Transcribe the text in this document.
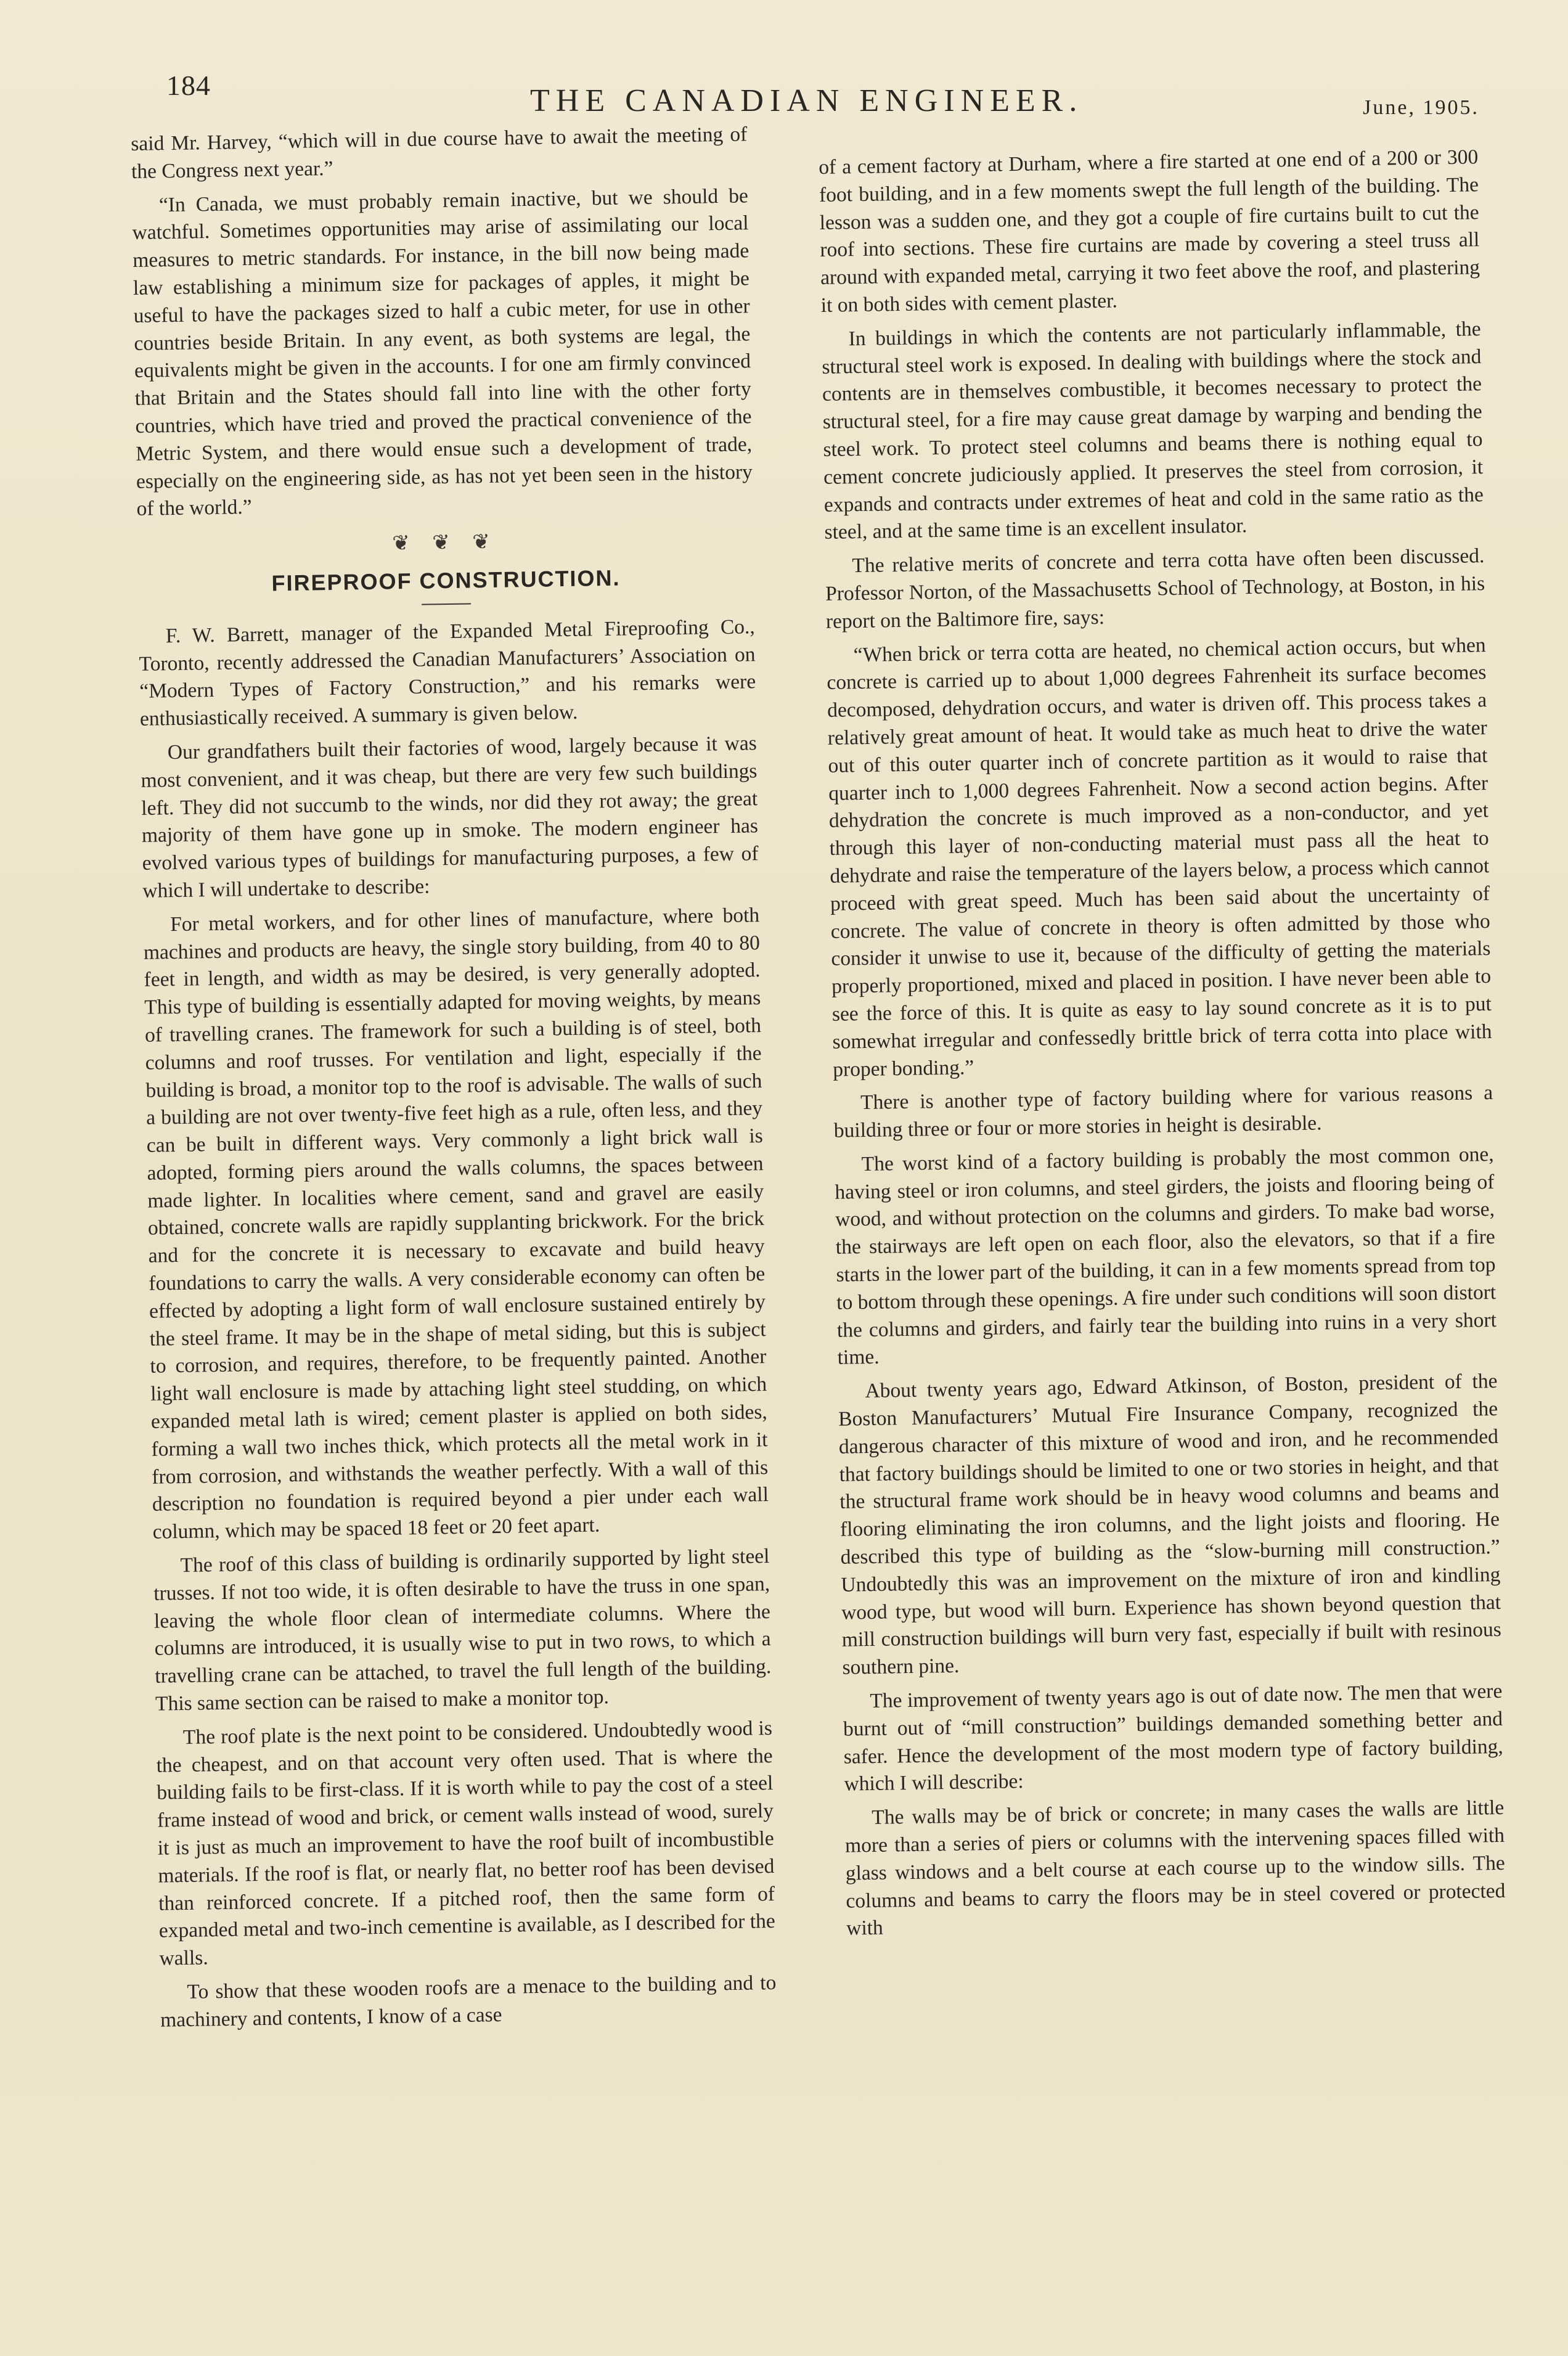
184	THE CANADIAN ENGINEER.	June, 1905.

said Mr. Harvey, “which will in due course have to await the meeting of the Congress next year.”

“In Canada, we must probably remain inactive, but we should be watchful. Sometimes opportunities may arise of assimilating our local measures to metric standards. For instance, in the bill now being made law establishing a minimum size for packages of apples, it might be useful to have the packages sized to half a cubic meter, for use in other countries beside Britain. In any event, as both systems are legal, the equivalents might be given in the accounts. I for one am firmly convinced that Britain and the States should fall into line with the other forty countries, which have tried and proved the practical convenience of the Metric System, and there would ensue such a development of trade, especially on the engineering side, as has not yet been seen in the history of the world.”

❦ ❦ ❦
FIREPROOF CONSTRUCTION.

F. W. Barrett, manager of the Expanded Metal Fireproofing Co., Toronto, recently addressed the Canadian Manufacturers’ Association on “Modern Types of Factory Construction,” and his remarks were enthusiastically received. A summary is given below.

Our grandfathers built their factories of wood, largely because it was most convenient, and it was cheap, but there are very few such buildings left. They did not succumb to the winds, nor did they rot away; the great majority of them have gone up in smoke. The modern engineer has evolved various types of buildings for manufacturing purposes, a few of which I will undertake to describe:

For metal workers, and for other lines of manufacture, where both machines and products are heavy, the single story building, from 40 to 80 feet in length, and width as may be desired, is very generally adopted. This type of building is essentially adapted for moving weights, by means of travelling cranes. The framework for such a building is of steel, both columns and roof trusses. For ventilation and light, especially if the building is broad, a monitor top to the roof is advisable. The walls of such a building are not over twenty-five feet high as a rule, often less, and they can be built in different ways. Very commonly a light brick wall is adopted, forming piers around the walls columns, the spaces between made lighter. In localities where cement, sand and gravel are easily obtained, concrete walls are rapidly supplanting brickwork. For the brick and for the concrete it is necessary to excavate and build heavy foundations to carry the walls. A very considerable economy can often be effected by adopting a light form of wall enclosure sustained entirely by the steel frame. It may be in the shape of metal siding, but this is subject to corrosion, and requires, therefore, to be frequently painted. Another light wall enclosure is made by attaching light steel studding, on which expanded metal lath is wired; cement plaster is applied on both sides, forming a wall two inches thick, which protects all the metal work in it from corrosion, and withstands the weather perfectly. With a wall of this description no foundation is required beyond a pier under each wall column, which may be spaced 18 feet or 20 feet apart.

The roof of this class of building is ordinarily supported by light steel trusses. If not too wide, it is often desirable to have the truss in one span, leaving the whole floor clean of intermediate columns. Where the columns are introduced, it is usually wise to put in two rows, to which a travelling crane can be attached, to travel the full length of the building. This same section can be raised to make a monitor top.

The roof plate is the next point to be considered. Undoubtedly wood is the cheapest, and on that account very often used. That is where the building fails to be first-class. If it is worth while to pay the cost of a steel frame instead of wood and brick, or cement walls instead of wood, surely it is just as much an improvement to have the roof built of incombustible materials. If the roof is flat, or nearly flat, no better roof has been devised than reinforced concrete. If a pitched roof, then the same form of expanded metal and two-inch cementine is available, as I described for the walls.

To show that these wooden roofs are a menace to the building and to machinery and contents, I know of a case

of a cement factory at Durham, where a fire started at one end of a 200 or 300 foot building, and in a few moments swept the full length of the building. The lesson was a sudden one, and they got a couple of fire curtains built to cut the roof into sections. These fire curtains are made by covering a steel truss all around with expanded metal, carrying it two feet above the roof, and plastering it on both sides with cement plaster.

In buildings in which the contents are not particularly inflammable, the structural steel work is exposed. In dealing with buildings where the stock and contents are in themselves combustible, it becomes necessary to protect the structural steel, for a fire may cause great damage by warping and bending the steel work. To protect steel columns and beams there is nothing equal to cement concrete judiciously applied. It preserves the steel from corrosion, it expands and contracts under extremes of heat and cold in the same ratio as the steel, and at the same time is an excellent insulator.

The relative merits of concrete and terra cotta have often been discussed. Professor Norton, of the Massachusetts School of Technology, at Boston, in his report on the Baltimore fire, says:

“When brick or terra cotta are heated, no chemical action occurs, but when concrete is carried up to about 1,000 degrees Fahrenheit its surface becomes decomposed, dehydration occurs, and water is driven off. This process takes a relatively great amount of heat. It would take as much heat to drive the water out of this outer quarter inch of concrete partition as it would to raise that quarter inch to 1,000 degrees Fahrenheit. Now a second action begins. After dehydration the concrete is much improved as a non-conductor, and yet through this layer of non-conducting material must pass all the heat to dehydrate and raise the temperature of the layers below, a process which cannot proceed with great speed. Much has been said about the uncertainty of concrete. The value of concrete in theory is often admitted by those who consider it unwise to use it, because of the difficulty of getting the materials properly proportioned, mixed and placed in position. I have never been able to see the force of this. It is quite as easy to lay sound concrete as it is to put somewhat irregular and confessedly brittle brick of terra cotta into place with proper bonding.”

There is another type of factory building where for various reasons a building three or four or more stories in height is desirable.

The worst kind of a factory building is probably the most common one, having steel or iron columns, and steel girders, the joists and flooring being of wood, and without protection on the columns and girders. To make bad worse, the stairways are left open on each floor, also the elevators, so that if a fire starts in the lower part of the building, it can in a few moments spread from top to bottom through these openings. A fire under such conditions will soon distort the columns and girders, and fairly tear the building into ruins in a very short time.

About twenty years ago, Edward Atkinson, of Boston, president of the Boston Manufacturers’ Mutual Fire Insurance Company, recognized the dangerous character of this mixture of wood and iron, and he recommended that factory buildings should be limited to one or two stories in height, and that the structural frame work should be in heavy wood columns and beams and flooring eliminating the iron columns, and the light joists and flooring. He described this type of building as the “slow-burning mill construction.” Undoubtedly this was an improvement on the mixture of iron and kindling wood type, but wood will burn. Experience has shown beyond question that mill construction buildings will burn very fast, especially if built with resinous southern pine.

The improvement of twenty years ago is out of date now. The men that were burnt out of “mill construction” buildings demanded something better and safer. Hence the development of the most modern type of factory building, which I will describe:

The walls may be of brick or concrete; in many cases the walls are little more than a series of piers or columns with the intervening spaces filled with glass windows and a belt course at each course up to the window sills. The columns and beams to carry the floors may be in steel covered or protected with
